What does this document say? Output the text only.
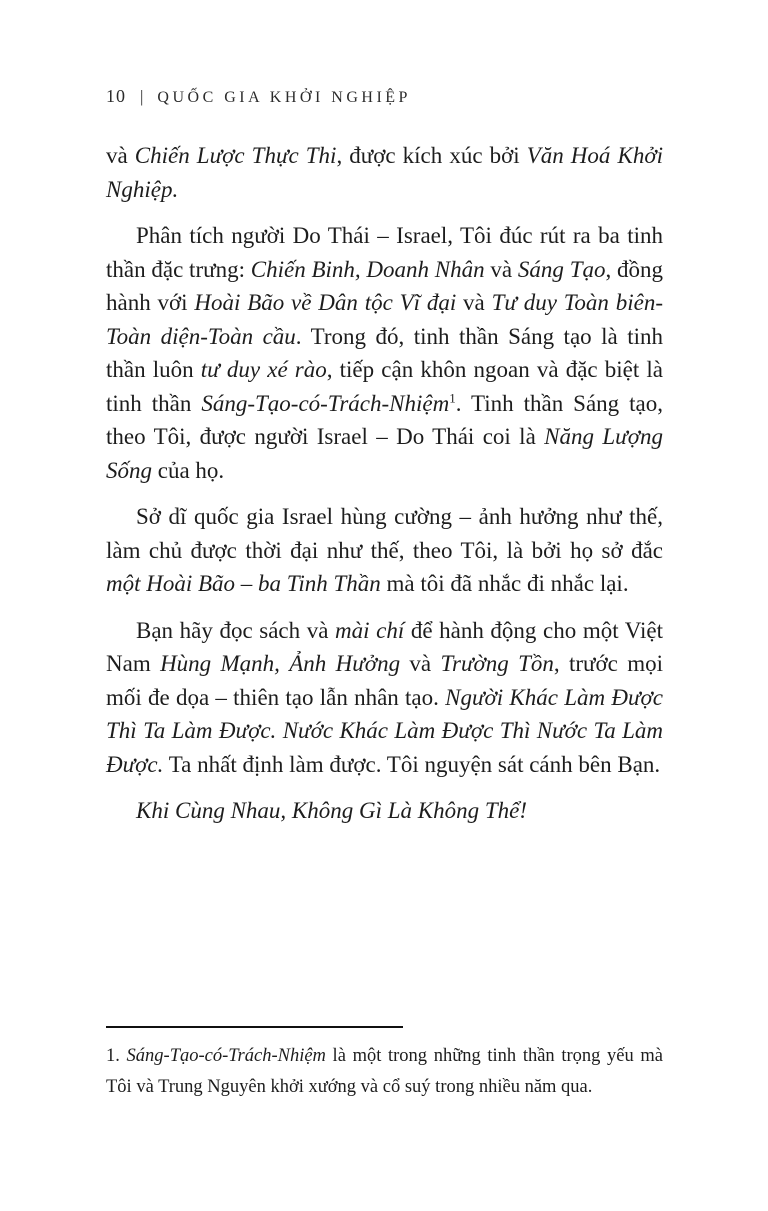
10 | QUỐC GIA KHỞI NGHIỆP

và Chiến Lược Thực Thi, được kích xúc bởi Văn Hoá Khởi Nghiệp.

Phân tích người Do Thái – Israel, Tôi đúc rút ra ba tinh thần đặc trưng: Chiến Binh, Doanh Nhân và Sáng Tạo, đồng hành với Hoài Bão về Dân tộc Vĩ đại và Tư duy Toàn biên-Toàn diện-Toàn cầu. Trong đó, tinh thần Sáng tạo là tinh thần luôn tư duy xé rào, tiếp cận khôn ngoan và đặc biệt là tinh thần Sáng-Tạo-có-Trách-Nhiệm$^1$. Tinh thần Sáng tạo, theo Tôi, được người Israel – Do Thái coi là Năng Lượng Sống của họ.

Sở dĩ quốc gia Israel hùng cường – ảnh hưởng như thế, làm chủ được thời đại như thế, theo Tôi, là bởi họ sở đắc một Hoài Bão – ba Tinh Thần mà tôi đã nhắc đi nhắc lại.

Bạn hãy đọc sách và mài chí để hành động cho một Việt Nam Hùng Mạnh, Ảnh Hưởng và Trường Tồn, trước mọi mối đe dọa – thiên tạo lẫn nhân tạo. Người Khác Làm Được Thì Ta Làm Được. Nước Khác Làm Được Thì Nước Ta Làm Được. Ta nhất định làm được. Tôi nguyện sát cánh bên Bạn.

Khi Cùng Nhau, Không Gì Là Không Thể!

1. Sáng-Tạo-có-Trách-Nhiệm là một trong những tinh thần trọng yếu mà Tôi và Trung Nguyên khởi xướng và cổ suý trong nhiều năm qua.
